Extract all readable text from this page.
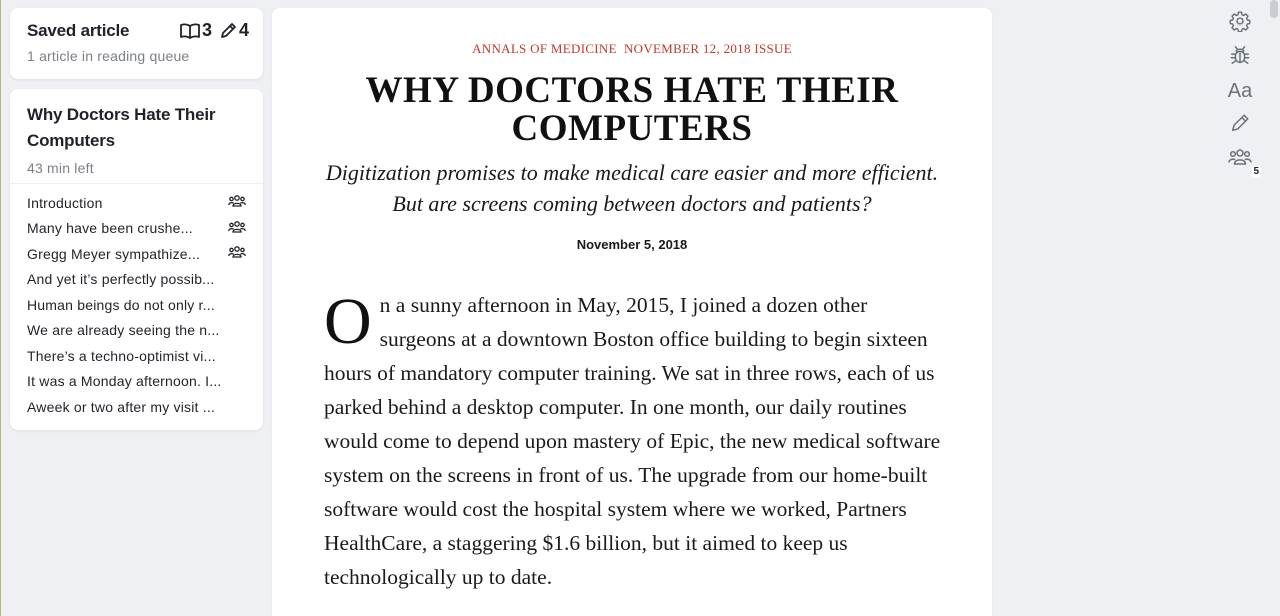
Saved article	3 4
1 article in reading queue
Why Doctors Hate Their Computers
43 min left
Introduction
Many have been crushe...
Gregg Meyer sympathize...
And yet it’s perfectly possib...
Human beings do not only r...
We are already seeing the n...
There’s a techno-optimist vi...
It was a Monday afternoon. I...
Aweek or two after my visit ...
ANNALS OF MEDICINE NOVEMBER 12, 2018 ISSUE
WHY DOCTORS HATE THEIR COMPUTERS

Digitization promises to make medical care easier and more efficient. But are screens coming between doctors and patients?

November 5, 2018
On a sunny afternoon in May, 2015, I joined a dozen other surgeons at a downtown Boston office building to begin sixteen hours of mandatory computer training. We sat in three rows, each of us parked behind a desktop computer. In one month, our daily routines would come to depend upon mastery of Epic, the new medical software system on the screens in front of us. The upgrade from our home-built software would cost the hospital system where we worked, Partners HealthCare, a staggering $1.6 billion, but it aimed to keep us technologically up to date.
Aa
5
